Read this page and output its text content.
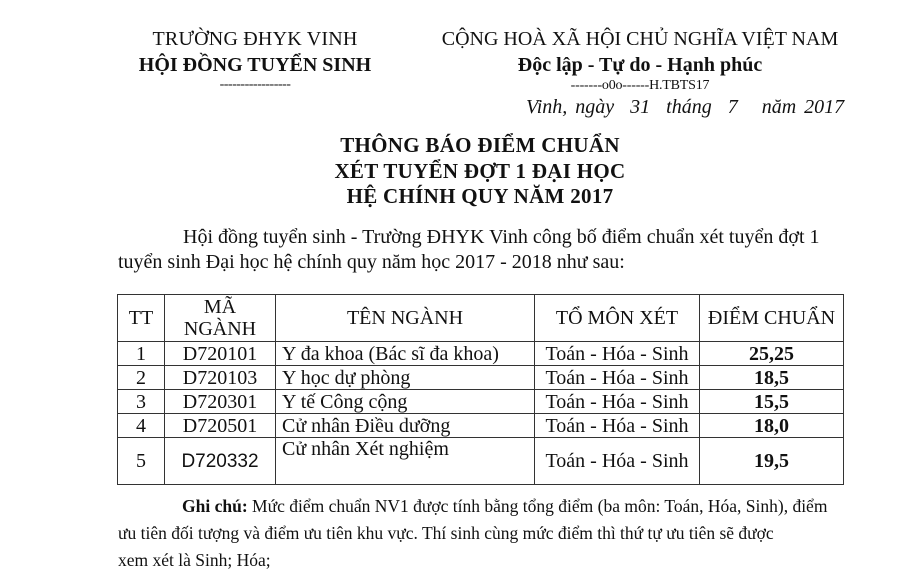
TRƯỜNG ĐHYK VINH
HỘI ĐỒNG TUYỂN SINH
-----------------
CỘNG HOÀ XÃ HỘI CHỦ NGHĨA VIỆT NAM
Độc lập - Tự do - Hạnh phúc
-------o0o------H.TBTS17
Vinh, ngày  31  tháng  7   năm 2017
THÔNG BÁO ĐIỂM CHUẨN
XÉT TUYỂN ĐỢT 1 ĐẠI HỌC
HỆ CHÍNH QUY NĂM 2017
Hội đồng tuyển sinh - Trường ĐHYK Vinh công bố điểm chuẩn xét tuyển đợt 1
tuyển sinh Đại học hệ chính quy năm học 2017 - 2018 như sau:
TT	MÃ NGÀNH	TÊN NGÀNH	TỔ MÔN XÉT	ĐIỂM CHUẨN
1	D720101	Y đa khoa (Bác sĩ đa khoa)	Toán - Hóa - Sinh	25,25
2	D720103	Y học dự phòng	Toán - Hóa - Sinh	18,5
3	D720301	Y tế Công cộng	Toán - Hóa - Sinh	15,5
4	D720501	Cử nhân Điều dưỡng	Toán - Hóa - Sinh	18,0
5	D720332	Cử nhân Xét nghiệm	Toán - Hóa - Sinh	19,5
Ghi chú: Mức điểm chuẩn NV1 được tính bằng tổng điểm (ba môn: Toán, Hóa, Sinh), điểm
ưu tiên đối tượng và điểm ưu tiên khu vực. Thí sinh cùng mức điểm thì thứ tự ưu tiên sẽ được
xem xét là Sinh; Hóa;
